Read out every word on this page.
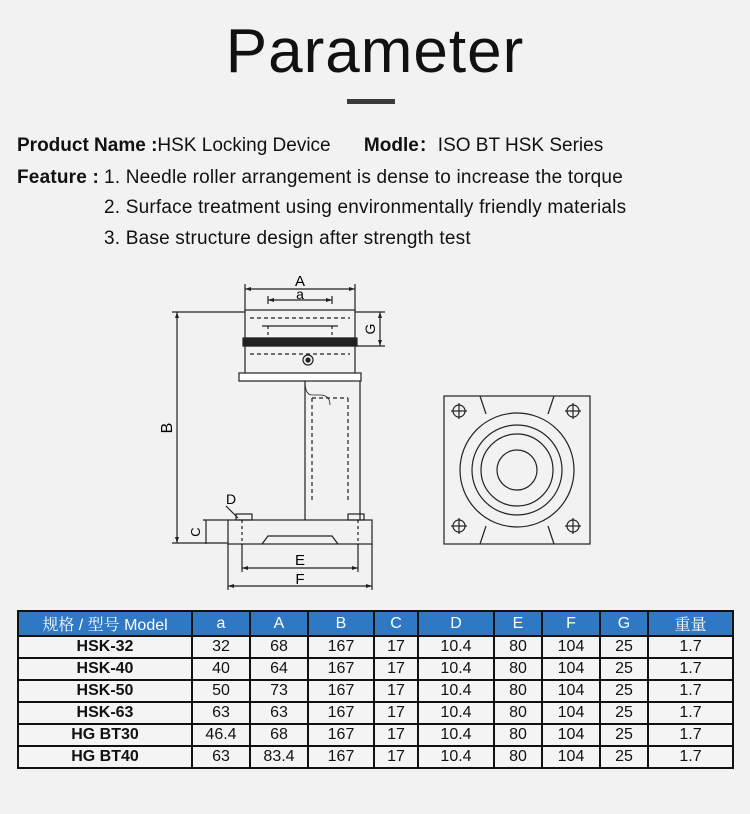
Parameter
Product Name :HSK Locking Device Modle：ISO BT HSK Series
Feature : 1. Needle roller arrangement is dense to increase the torque
2. Surface treatment using environmentally friendly materials
3. Base structure design after strength test
A
a
G
B
D
C
E
F
规格 / 型号 Model	a	A	B	C	D	E	F	G	重量
HSK-32	32	68	167	17	10.4	80	104	25	1.7
HSK-40	40	64	167	17	10.4	80	104	25	1.7
HSK-50	50	73	167	17	10.4	80	104	25	1.7
HSK-63	63	63	167	17	10.4	80	104	25	1.7
HG BT30	46.4	68	167	17	10.4	80	104	25	1.7
HG BT40	63	83.4	167	17	10.4	80	104	25	1.7
